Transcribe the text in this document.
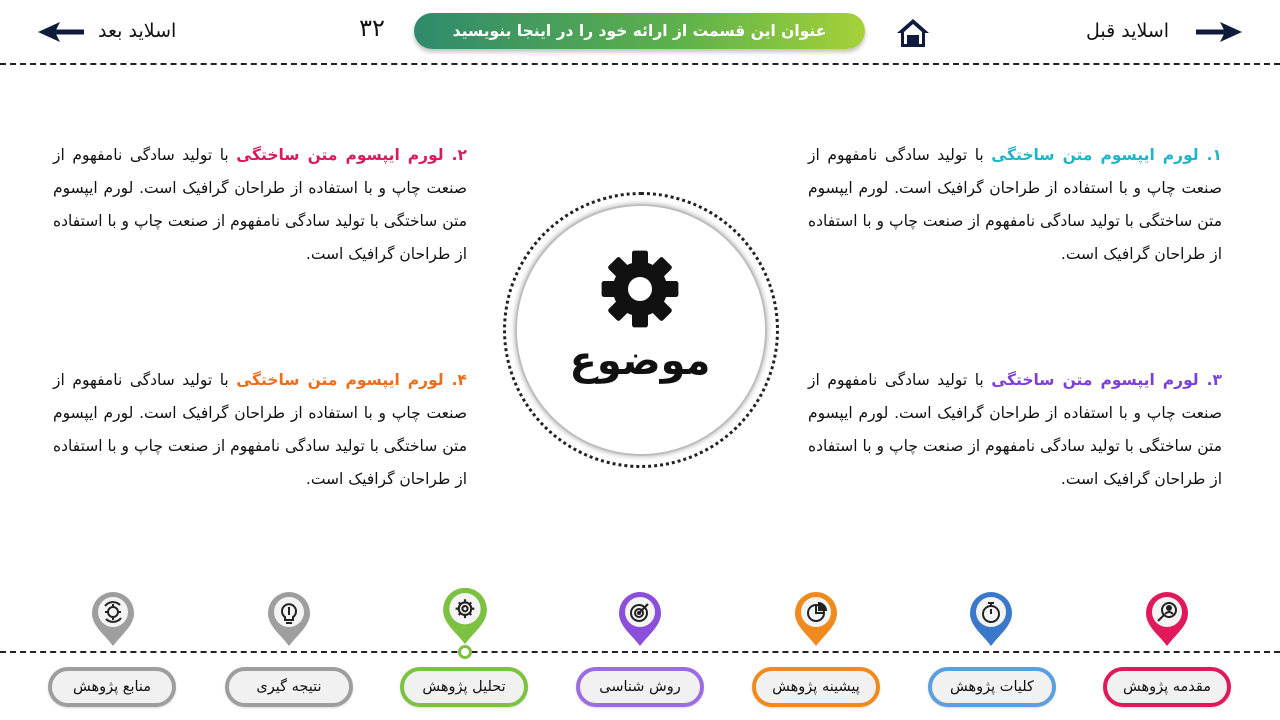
اسلاید قبل
عنوان این قسمت از ارائه خود را در اینجا بنویسید
۳۲
اسلاید بعد
۱. لورم ایپسوم متن ساختگی با تولید سادگی نامفهوم از صنعت چاپ و با استفاده از طراحان گرافیک است. لورم ایپسوم متن ساختگی با تولید سادگی نامفهوم از صنعت چاپ و با استفاده از طراحان گرافیک است.
۲. لورم ایپسوم متن ساختگی با تولید سادگی نامفهوم از صنعت چاپ و با استفاده از طراحان گرافیک است. لورم ایپسوم متن ساختگی با تولید سادگی نامفهوم از صنعت چاپ و با استفاده از طراحان گرافیک است.
۳. لورم ایپسوم متن ساختگی با تولید سادگی نامفهوم از صنعت چاپ و با استفاده از طراحان گرافیک است. لورم ایپسوم متن ساختگی با تولید سادگی نامفهوم از صنعت چاپ و با استفاده از طراحان گرافیک است.
۴. لورم ایپسوم متن ساختگی با تولید سادگی نامفهوم از صنعت چاپ و با استفاده از طراحان گرافیک است. لورم ایپسوم متن ساختگی با تولید سادگی نامفهوم از صنعت چاپ و با استفاده از طراحان گرافیک است.
موضوع
مقدمه پژوهش
کلیات پژوهش
پیشینه پژوهش
روش شناسی
تحلیل پژوهش
نتیجه گیری
منابع پژوهش
